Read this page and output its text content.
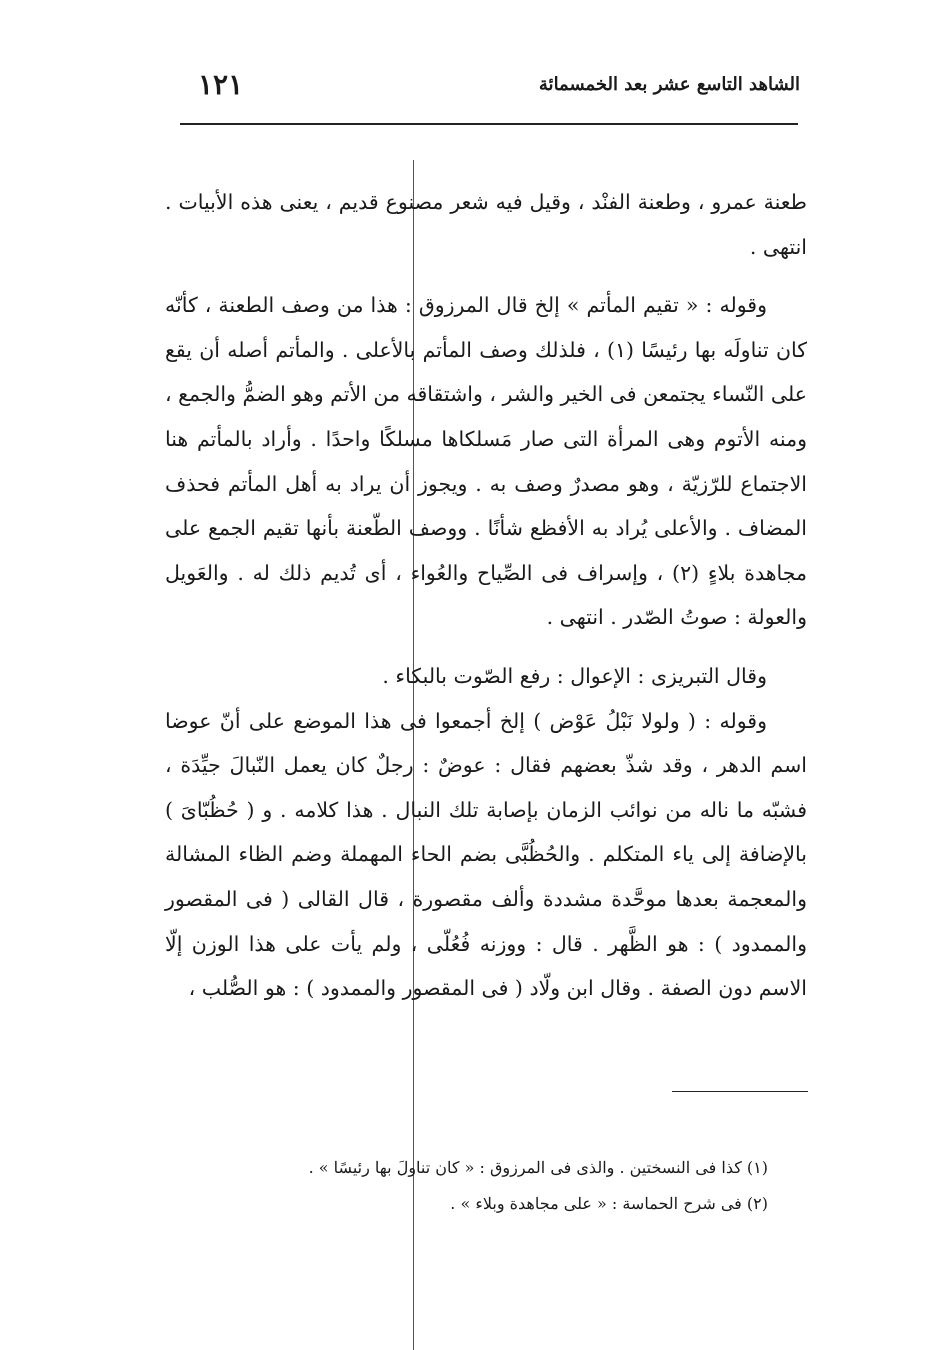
الشاهد التاسع عشر بعد الخمسمائة
١٢١

طعنة عمرو ، وطعنة الفنْد ، وقيل فيه شعر مصنوع قديم ، يعنى هذه الأبيات . انتهى .

وقوله : « تقيم المأتم » إلخ قال المرزوق : هذا من وصف الطعنة ، كأنّه كان تناولَه بها رئيسًا (١) ، فلذلك وصف المأتم بالأعلى . والمأتم أصله أن يقع على النّساء يجتمعن فى الخير والشر ، واشتقاقه من الأتم وهو الضمُّ والجمع ، ومنه الأتوم وهى المرأة التى صار مَسلكاها مسلكًا واحدًا . وأراد بالمأتم هنا الاجتماع للرّزيّة ، وهو مصدرٌ وصف به . ويجوز أن يراد به أهل المأتم فحذف المضاف . والأعلى يُراد به الأفظع شأنًا . ووصف الطّعنة بأنها تقيم الجمع على مجاهدة بلاءٍ (٢) ، وإسراف فى الصِّياح والعُواء ، أى تُديم ذلك له . والعَويل والعولة : صوتُ الصّدر . انتهى .

وقال التبريزى : الإعوال : رفع الصّوت بالبكاء .

وقوله : ( ولولا نَبْلُ عَوْض ) إلخ أجمعوا فى هذا الموضع على أنّ عوضا اسم الدهر ، وقد شذّ بعضهم فقال : عوضٌ : رجلٌ كان يعمل النّبالَ جيِّدَة ، فشبّه ما ناله من نوائب الزمان بإصابة تلك النبال . هذا كلامه . و ( حُظُبّاىَ ) بالإضافة إلى ياء المتكلم . والحُظُبَّى بضم الحاء المهملة وضم الظاء المشالة والمعجمة بعدها موحَّدة مشددة وألف مقصورة ، قال القالى ( فى المقصور والممدود ) : هو الظَّهر . قال : ووزنه فُعُلّى ، ولم يأت على هذا الوزن إلّا الاسم دون الصفة . وقال ابن ولّاد ( فى المقصور والممدود ) : هو الصُّلب ،

(١) كذا فى النسختين . والذى فى المرزوق : « كان تناولَ بها رئيسًا » .

(٢) فى شرح الحماسة : « على مجاهدة وبلاء » .
